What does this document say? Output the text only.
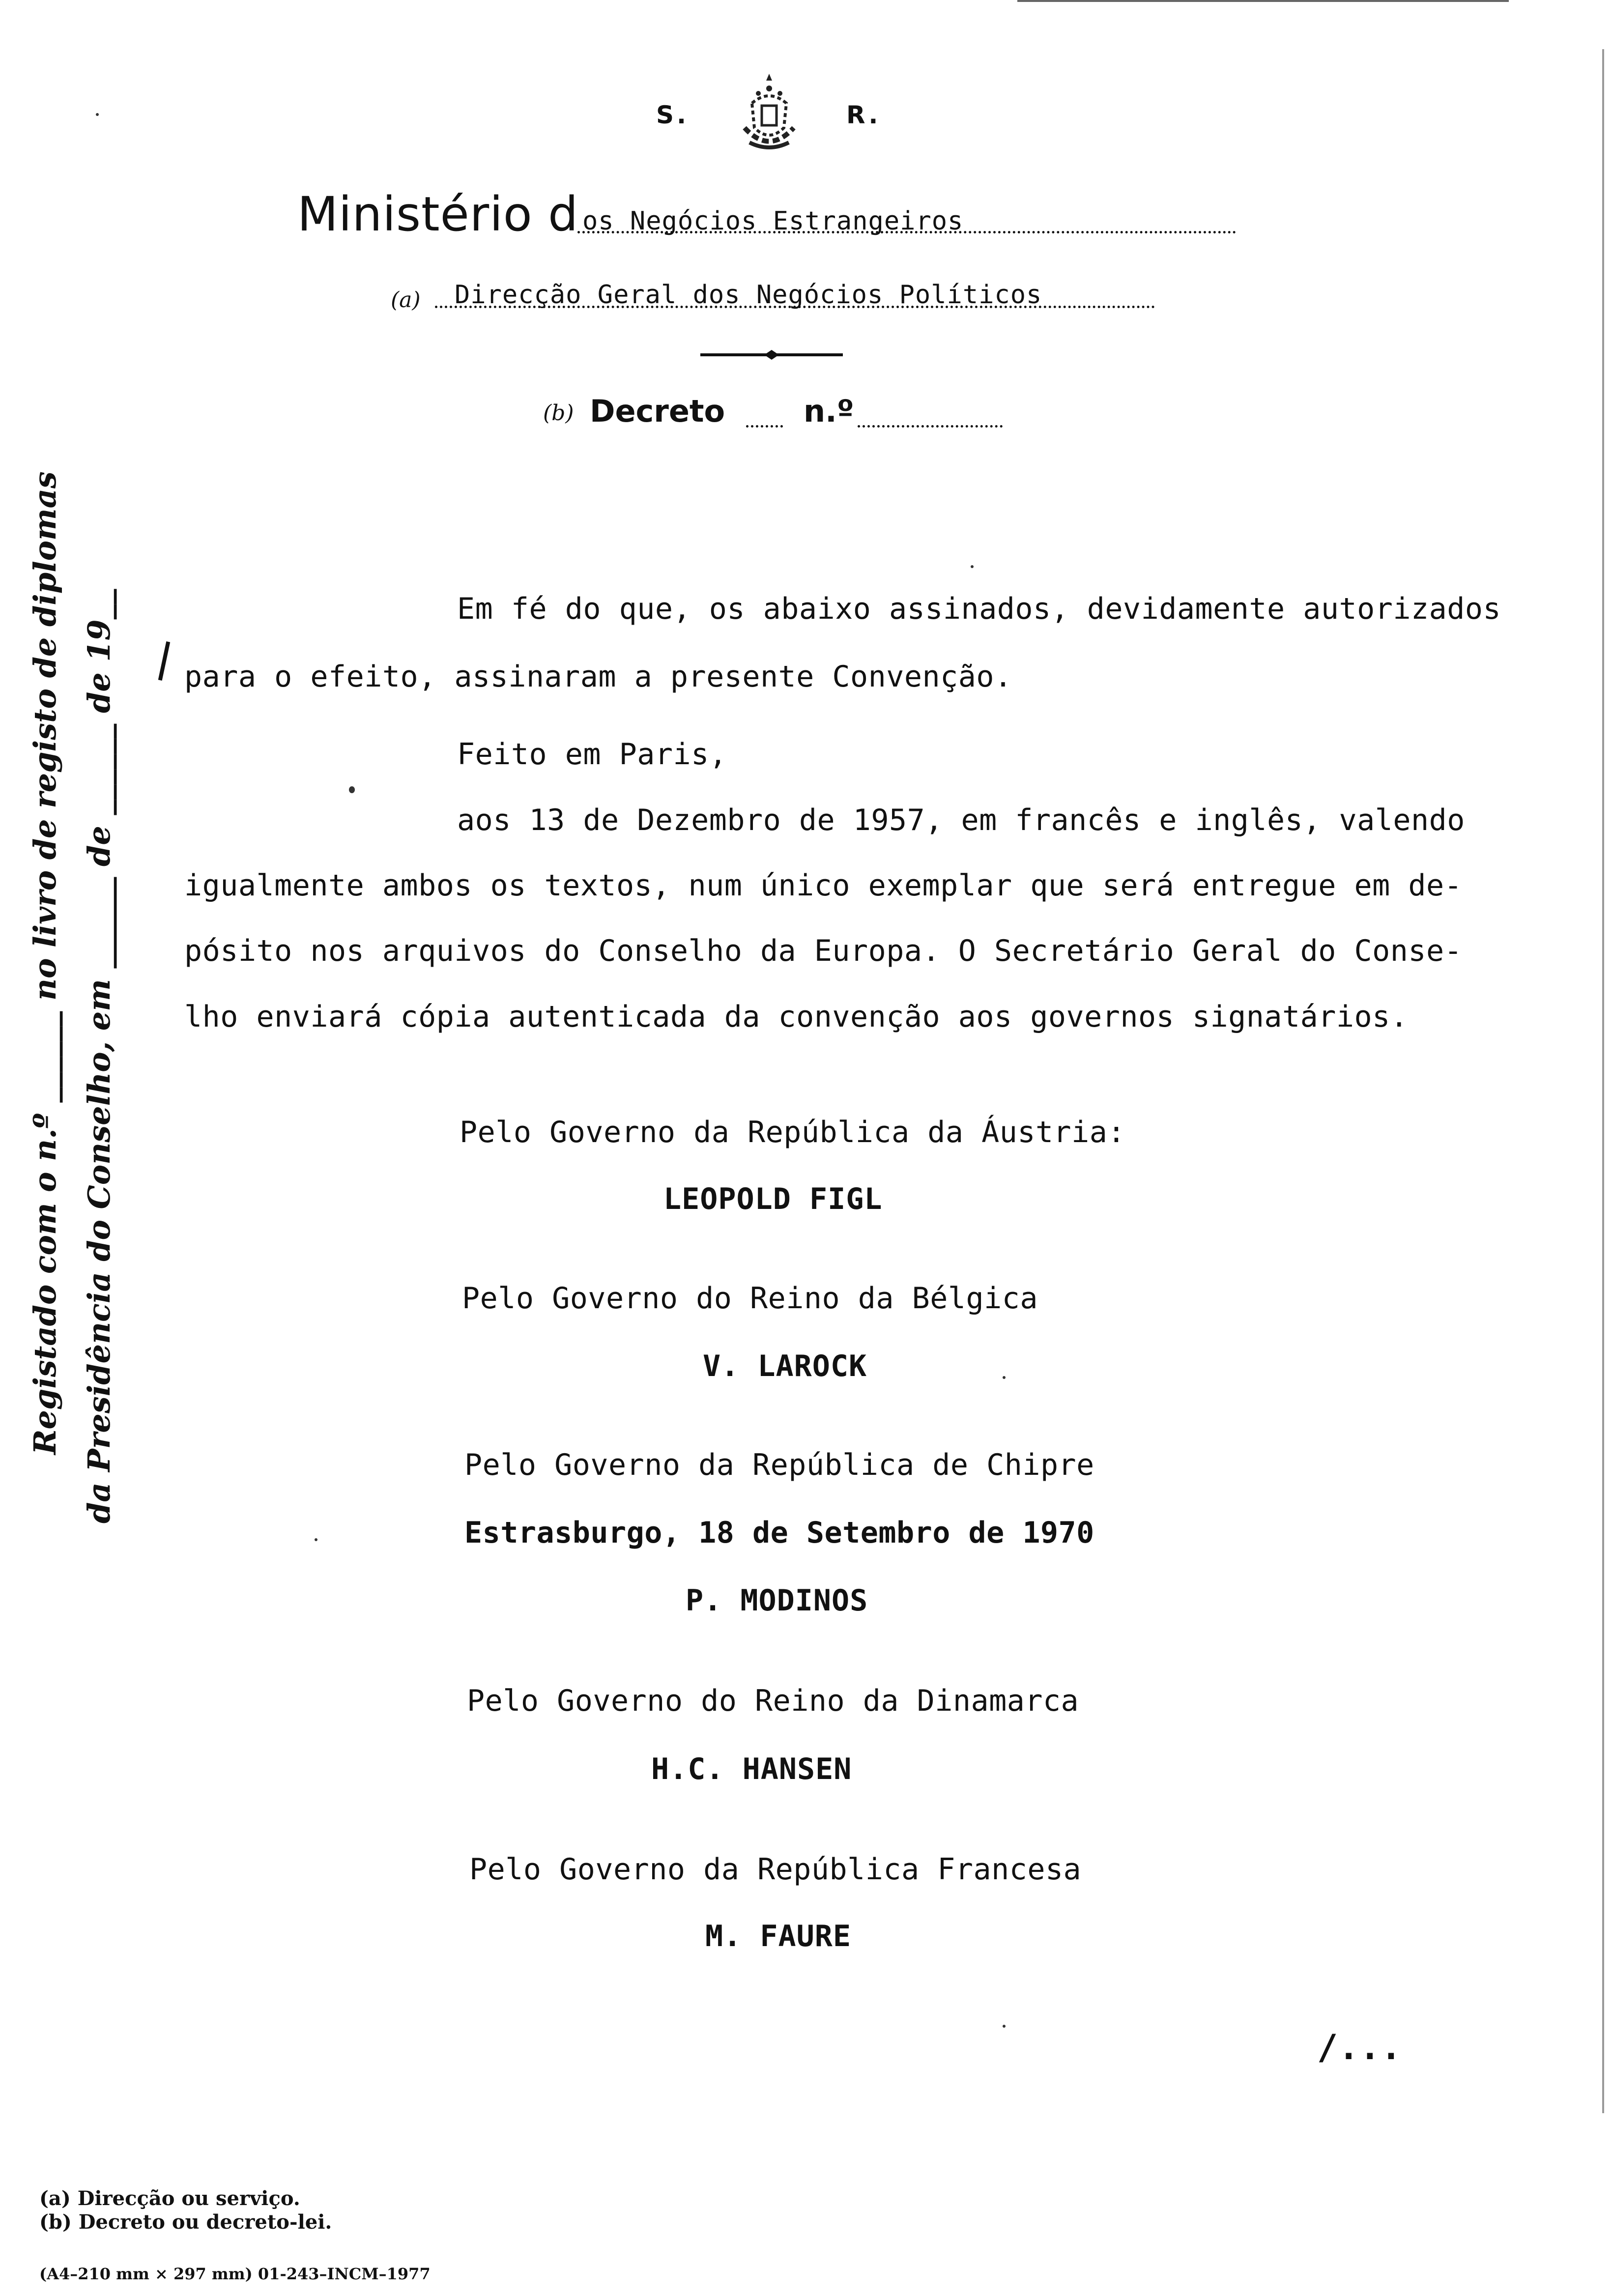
S.	R.
Ministério d os Negócios Estrangeiros
(a) Direcção Geral dos Negócios Políticos
(b) Decreto	n.º
Registado com o n.º ______ no livro de registo de diplomas da Presidência do Conselho, em ______ de ______ de 19__	Em fé do que, os abaixo assinados, devidamente autorizados
para o efeito, assinaram a presente Convenção.
Feito em Paris,
aos 13 de Dezembro de 1957, em francês e inglês, valendo
igualmente ambos os textos, num único exemplar que será entregue em de-
pósito nos arquivos do Conselho da Europa. O Secretário Geral do Conse-
lho enviará cópia autenticada da convenção aos governos signatários.
Pelo Governo da República da Áustria:
LEOPOLD FIGL
Pelo Governo do Reino da Bélgica
V. LAROCK
Pelo Governo da República de Chipre
Estrasburgo, 18 de Setembro de 1970
P. MODINOS
Pelo Governo do Reino da Dinamarca
H.C. HANSEN
Pelo Governo da República Francesa
M. FAURE
/...
(a) Direcção ou serviço.
(b) Decreto ou decreto-lei.
(A4–210 mm × 297 mm) 01-243–INCM–1977
